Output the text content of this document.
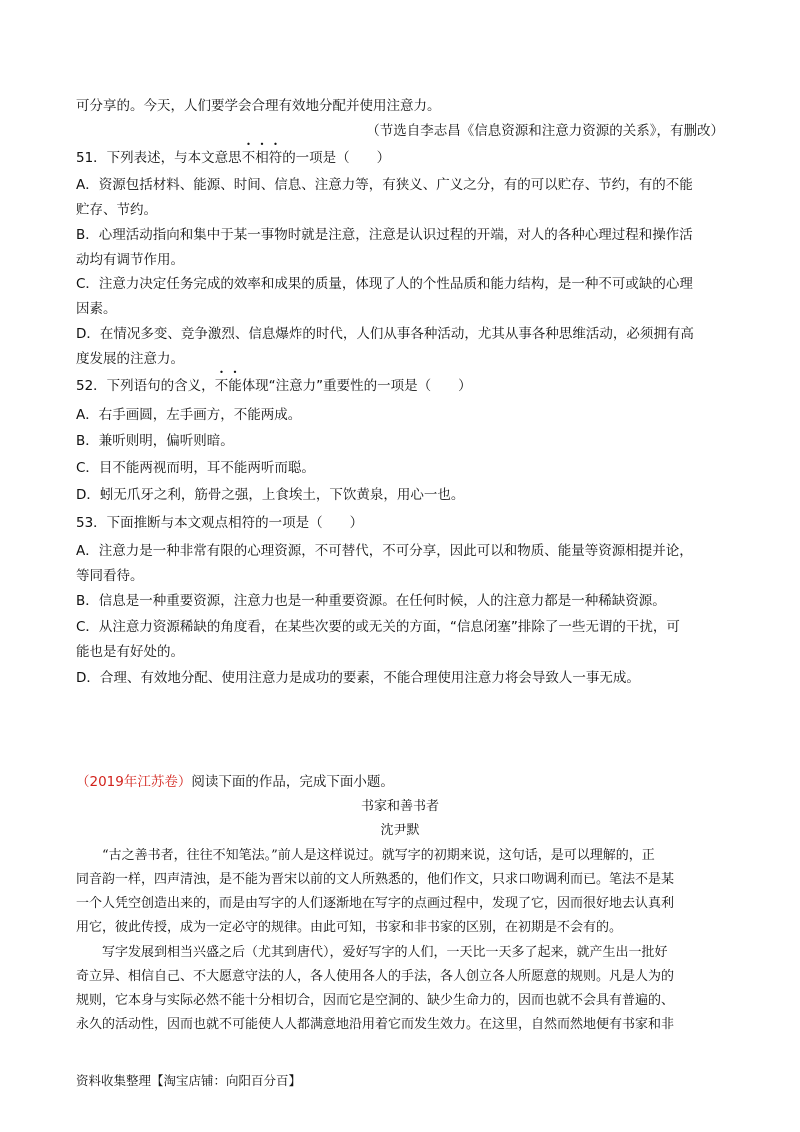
可分享的。今天，人们要学会合理有效地分配并使用注意力。
（节选自李志昌《信息资源和注意力资源的关系》，有删改）
51．下列表述，与本文意思不相符的一项是（　　）
A．资源包括材料、能源、时间、信息、注意力等，有狭义、广义之分，有的可以贮存、节约，有的不能
贮存、节约。
B．心理活动指向和集中于某一事物时就是注意，注意是认识过程的开端，对人的各种心理过程和操作活
动均有调节作用。
C．注意力决定任务完成的效率和成果的质量，体现了人的个性品质和能力结构，是一种不可或缺的心理
因素。
D．在情况多变、竞争激烈、信息爆炸的时代，人们从事各种活动，尤其从事各种思维活动，必须拥有高
度发展的注意力。
52．下列语句的含义，不能体现“注意力”重要性的一项是（　　）
A．右手画圆，左手画方，不能两成。
B．兼听则明，偏听则暗。
C．目不能两视而明，耳不能两听而聪。
D．蚓无爪牙之利，筋骨之强，上食埃土，下饮黄泉，用心一也。
53．下面推断与本文观点相符的一项是（　　）
A．注意力是一种非常有限的心理资源，不可替代，不可分享，因此可以和物质、能量等资源相提并论，
等同看待。
B．信息是一种重要资源，注意力也是一种重要资源。在任何时候，人的注意力都是一种稀缺资源。
C．从注意力资源稀缺的角度看，在某些次要的或无关的方面，“信息闭塞”排除了一些无谓的干扰，可
能也是有好处的。
D．合理、有效地分配、使用注意力是成功的要素，不能合理使用注意力将会导致人一事无成。
（2019年江苏卷）阅读下面的作品，完成下面小题。
书家和善书者
沈尹默
“古之善书者，往往不知笔法。”前人是这样说过。就写字的初期来说，这句话，是可以理解的，正
同音韵一样，四声清浊，是不能为晋宋以前的文人所熟悉的，他们作文，只求口吻调利而已。笔法不是某
一个人凭空创造出来的，而是由写字的人们逐渐地在写字的点画过程中，发现了它，因而很好地去认真利
用它，彼此传授，成为一定必守的规律。由此可知，书家和非书家的区别，在初期是不会有的。
写字发展到相当兴盛之后（尤其到唐代），爱好写字的人们，一天比一天多了起来，就产生出一批好
奇立异、相信自己、不大愿意守法的人，各人使用各人的手法，各人创立各人所愿意的规则。凡是人为的
规则，它本身与实际必然不能十分相切合，因而它是空洞的、缺少生命力的，因而也就不会具有普遍的、
永久的活动性，因而也就不可能使人人都满意地沿用着它而发生效力。在这里，自然而然地便有书家和非
资料收集整理【淘宝店铺：向阳百分百】
